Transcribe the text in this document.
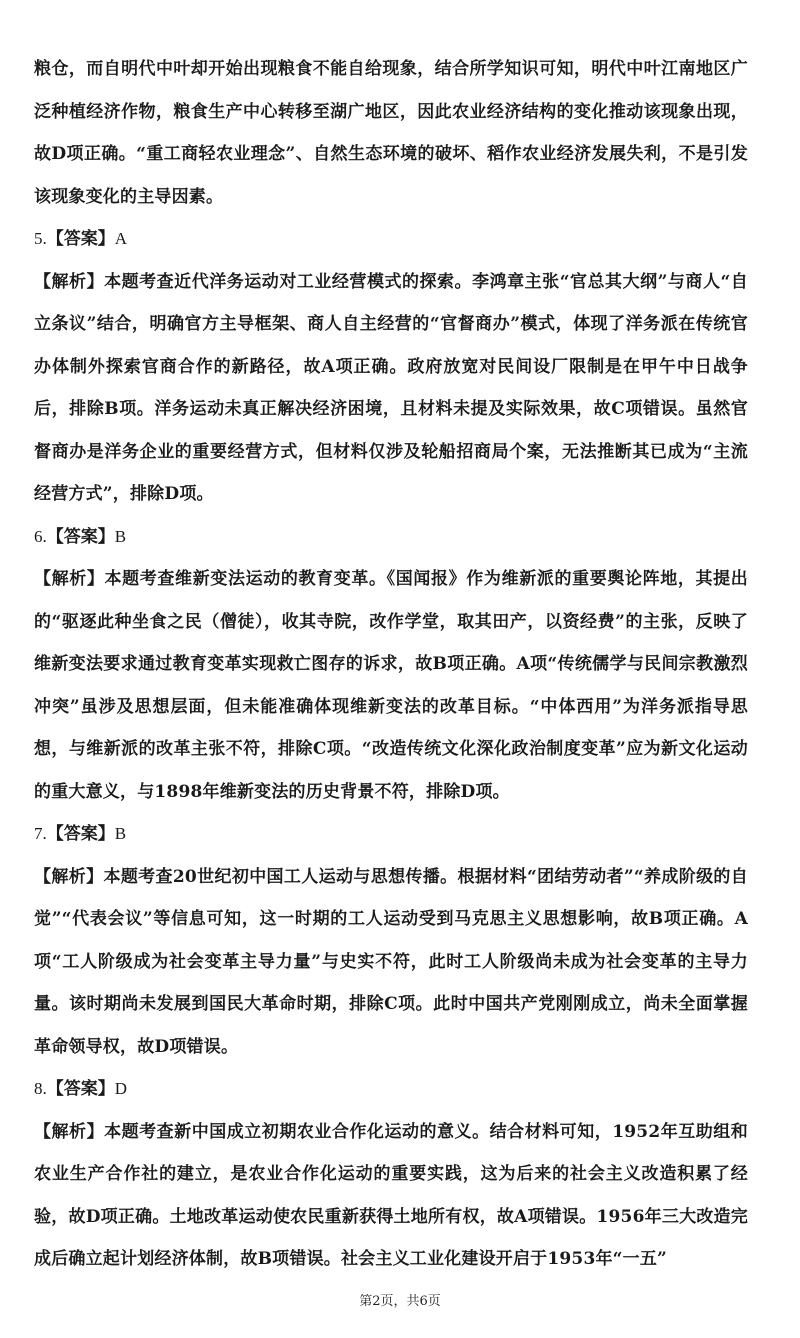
粮仓，而自明代中叶却开始出现粮食不能自给现象，结合所学知识可知，明代中叶江南地区广泛种植经济作物，粮食生产中心转移至湖广地区，因此农业经济结构的变化推动该现象出现，故D项正确。“重工商轻农业理念”、自然生态环境的破坏、稻作农业经济发展失利，不是引发该现象变化的主导因素。

5.【答案】A

【解析】本题考查近代洋务运动对工业经营模式的探索。李鸿章主张“官总其大纲”与商人“自立条议”结合，明确官方主导框架、商人自主经营的“官督商办”模式，体现了洋务派在传统官办体制外探索官商合作的新路径，故A项正确。政府放宽对民间设厂限制是在甲午中日战争后，排除B项。洋务运动未真正解决经济困境，且材料未提及实际效果，故C项错误。虽然官督商办是洋务企业的重要经营方式，但材料仅涉及轮船招商局个案，无法推断其已成为“主流经营方式”，排除D项。

6.【答案】B

【解析】本题考查维新变法运动的教育变革。《国闻报》作为维新派的重要舆论阵地，其提出的“驱逐此种坐食之民（僧徒），收其寺院，改作学堂，取其田产，以资经费”的主张，反映了维新变法要求通过教育变革实现救亡图存的诉求，故B项正确。A项“传统儒学与民间宗教激烈冲突”虽涉及思想层面，但未能准确体现维新变法的改革目标。“中体西用”为洋务派指导思想，与维新派的改革主张不符，排除C项。“改造传统文化深化政治制度变革”应为新文化运动的重大意义，与1898年维新变法的历史背景不符，排除D项。

7.【答案】B

【解析】本题考查20世纪初中国工人运动与思想传播。根据材料“团结劳动者”“养成阶级的自觉”“代表会议”等信息可知，这一时期的工人运动受到马克思主义思想影响，故B项正确。A项“工人阶级成为社会变革主导力量”与史实不符，此时工人阶级尚未成为社会变革的主导力量。该时期尚未发展到国民大革命时期，排除C项。此时中国共产党刚刚成立，尚未全面掌握革命领导权，故D项错误。

8.【答案】D

【解析】本题考查新中国成立初期农业合作化运动的意义。结合材料可知，1952年互助组和农业生产合作社的建立，是农业合作化运动的重要实践，这为后来的社会主义改造积累了经验，故D项正确。土地改革运动使农民重新获得土地所有权，故A项错误。1956年三大改造完成后确立起计划经济体制，故B项错误。社会主义工业化建设开启于1953年“一五”

第2页，共6页
